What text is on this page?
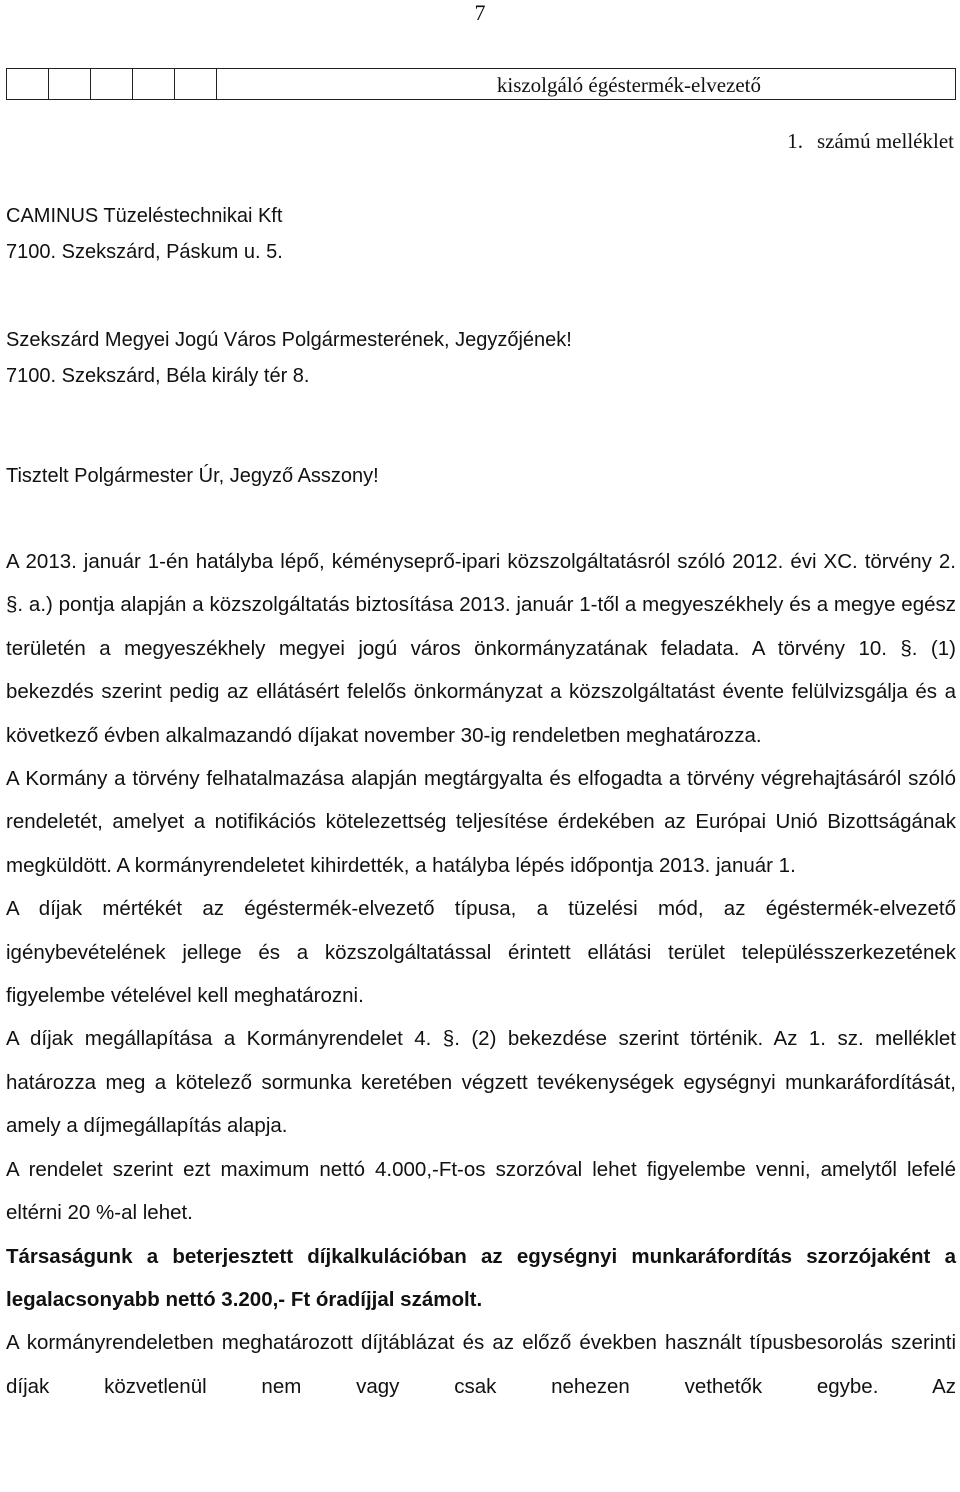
7

kiszolgáló égéstermék-elvezető
1. számú melléklet
CAMINUS Tüzeléstechnikai Kft
7100. Szekszárd, Páskum u. 5.
Szekszárd Megyei Jogú Város Polgármesterének, Jegyzőjének!
7100. Szekszárd, Béla király tér 8.
Tisztelt Polgármester Úr, Jegyző Asszony!

A 2013. január 1-én hatályba lépő, kéményseprő-ipari közszolgáltatásról szóló 2012. évi XC. törvény 2. §. a.) pontja alapján a közszolgáltatás biztosítása 2013. január 1-től a megyeszékhely és a megye egész területén a megyeszékhely megyei jogú város önkormányzatának feladata. A törvény 10. §. (1) bekezdés szerint pedig az ellátásért felelős önkormányzat a közszolgáltatást évente felülvizsgálja és a következő évben alkalmazandó díjakat november 30-ig rendeletben meghatározza.

A Kormány a törvény felhatalmazása alapján megtárgyalta és elfogadta a törvény végrehajtásáról szóló rendeletét, amelyet a notifikációs kötelezettség teljesítése érdekében az Európai Unió Bizottságának megküldött. A kormányrendeletet kihirdették, a hatályba lépés időpontja 2013. január 1.

A díjak mértékét az égéstermék-elvezető típusa, a tüzelési mód, az égéstermék-elvezető igénybevételének jellege és a közszolgáltatással érintett ellátási terület településszerkezetének figyelembe vételével kell meghatározni.

A díjak megállapítása a Kormányrendelet 4. §. (2) bekezdése szerint történik. Az 1. sz. melléklet határozza meg a kötelező sormunka keretében végzett tevékenységek egységnyi munkaráfordítását, amely a díjmegállapítás alapja.

A rendelet szerint ezt maximum nettó 4.000,-Ft-os szorzóval lehet figyelembe venni, amelytől lefelé eltérni 20 %-al lehet.

Társaságunk a beterjesztett díjkalkulációban az egységnyi munkaráfordítás szorzójaként a legalacsonyabb nettó 3.200,- Ft óradíjjal számolt.

A kormányrendeletben meghatározott díjtáblázat és az előző években használt típusbesorolás szerinti díjak közvetlenül nem vagy csak nehezen vethetők egybe. Az
